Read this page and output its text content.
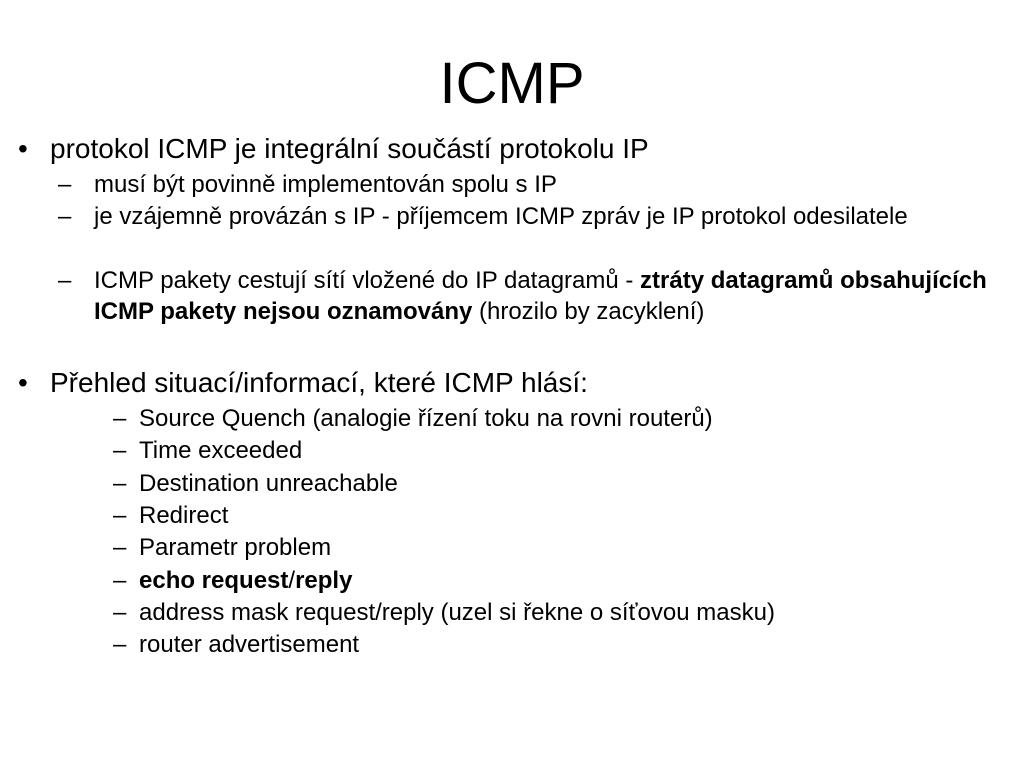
ICMP
• protokol ICMP je integrální součástí protokolu IP
– musí být povinně implementován spolu s IP
– je vzájemně provázán s IP - příjemcem ICMP zpráv je IP protokol odesilatele
– ICMP pakety cestují sítí vložené do IP datagramů - ztráty datagramů obsahujících ICMP pakety nejsou oznamovány (hrozilo by zacyklení)
• Přehled situací/informací, které ICMP hlásí:
– Source Quench (analogie řízení toku na rovni routerů)
– Time exceeded
– Destination unreachable
– Redirect
– Parametr problem
– echo request/reply
– address mask request/reply (uzel si řekne o síťovou masku)
– router advertisement
